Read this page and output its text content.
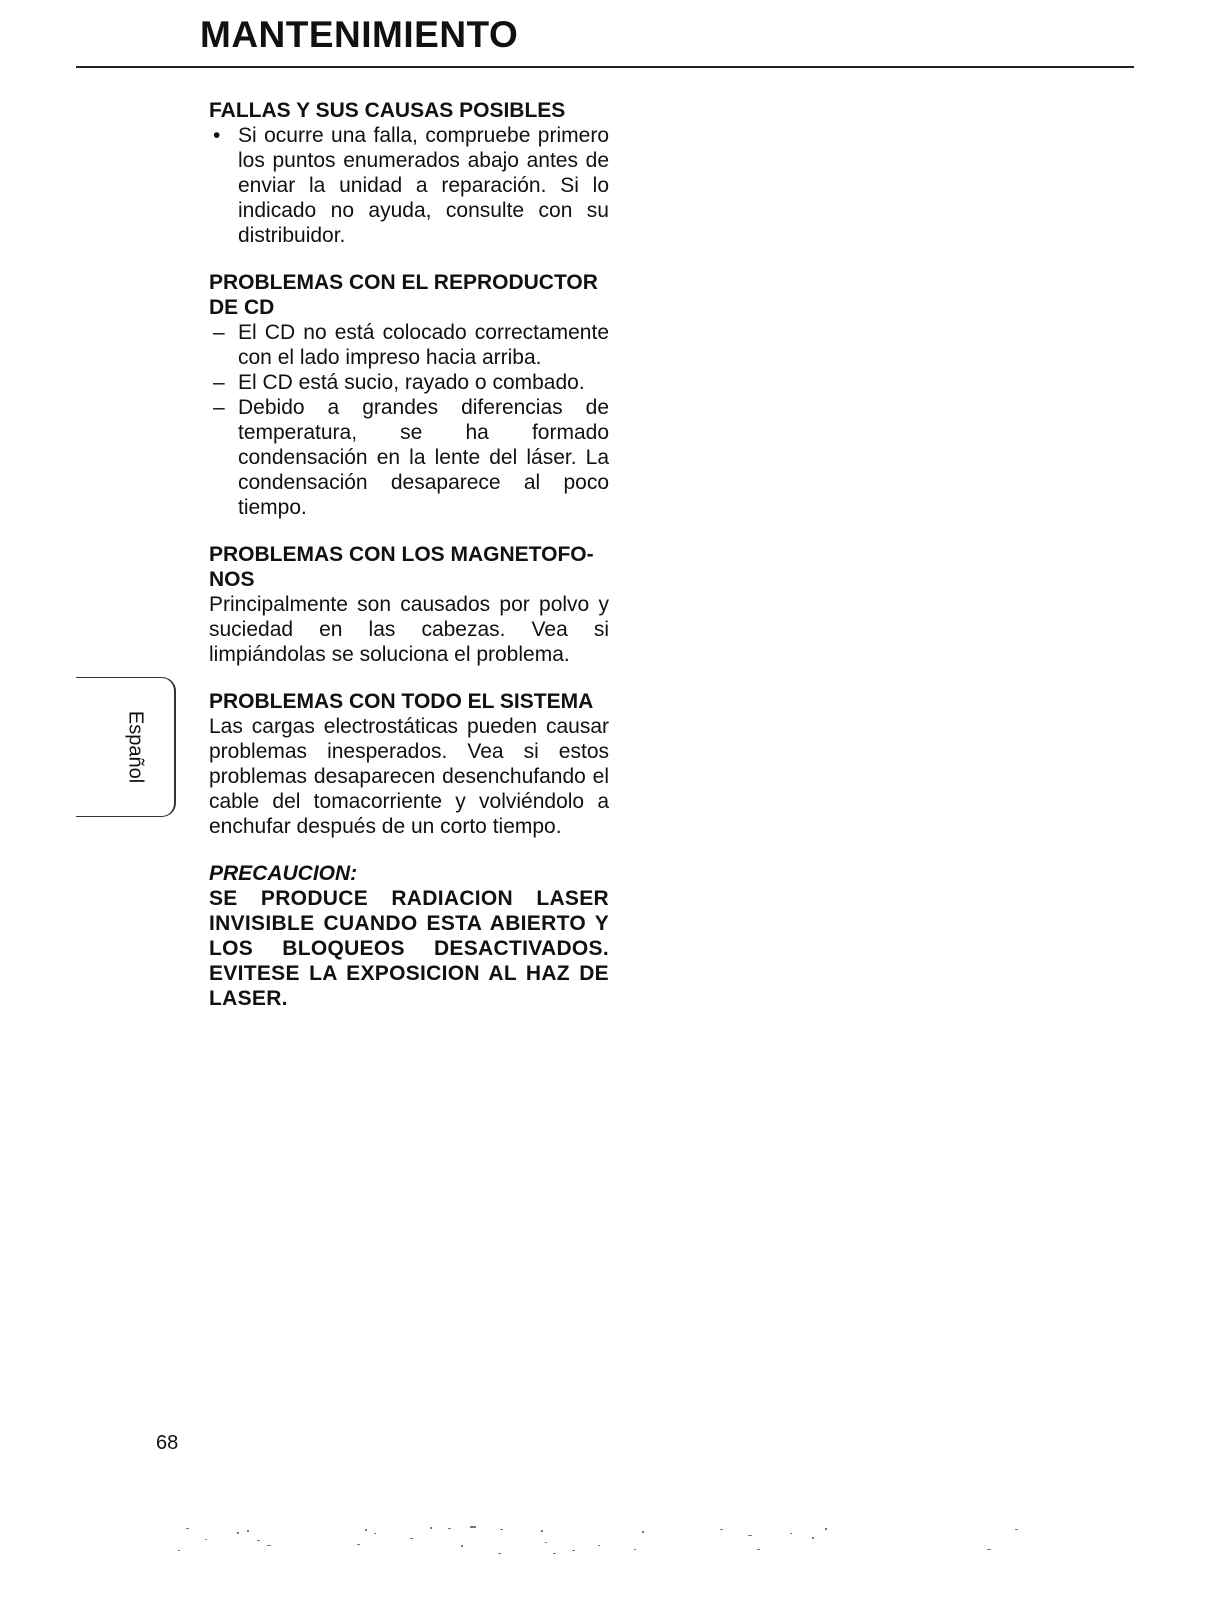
MANTENIMIENTO

FALLAS Y SUS CAUSAS POSIBLES

• Si ocurre una falla, compruebe primero los puntos enumerados abajo antes de enviar la unidad a reparación. Si lo indicado no ayuda, consulte con su distribuidor.

PROBLEMAS CON EL REPRODUCTOR DE CD

– El CD no está colocado correctamente con el lado impreso hacia arriba.

– El CD está sucio, rayado o combado.

– Debido a grandes diferencias de temperatura, se ha formado condensación en la lente del láser. La condensación desaparece al poco tiempo.

PROBLEMAS CON LOS MAGNETOFO-NOS

Principalmente son causados por polvo y suciedad en las cabezas. Vea si limpiándolas se soluciona el problema.

PROBLEMAS CON TODO EL SISTEMA

Las cargas electrostáticas pueden causar problemas inesperados. Vea si estos problemas desaparecen desenchufando el cable del tomacorriente y volviéndolo a enchufar después de un corto tiempo.

PRECAUCION:

SE PRODUCE RADIACION LASER INVISIBLE CUANDO ESTA ABIERTO Y LOS BLOQUEOS DESACTIVADOS. EVITESE LA EXPOSICION AL HAZ DE LASER.

Español
68
